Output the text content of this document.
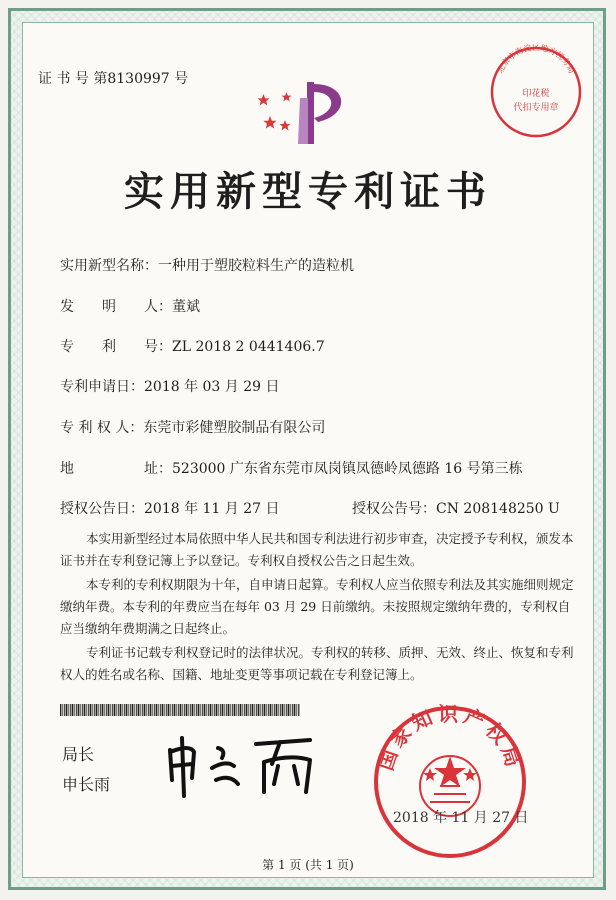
证 书 号 第8130997 号
实用新型专利证书
实用新型名称：一种用于塑胶粒料生产的造粒机
发　　明　　人：董斌
专　　利　　号：ZL 2018 2 0441406.7
专利申请日：2018 年 03 月 29 日
专 利 权 人：东莞市彩健塑胶制品有限公司
地　　　　　址：523000 广东省东莞市凤岗镇凤德岭凤德路 16 号第三栋
授权公告日：2018 年 11 月 27 日	授权公告号：CN 208148250 U
本实用新型经过本局依照中华人民共和国专利法进行初步审查，决定授予专利权，颁发本证书并在专利登记簿上予以登记。专利权自授权公告之日起生效。
本专利的专利权期限为十年，自申请日起算。专利权人应当依照专利法及其实施细则规定缴纳年费。本专利的年费应当在每年 03 月 29 日前缴纳。未按照规定缴纳年费的，专利权自应当缴纳年费期满之日起终止。
专利证书记载专利权登记时的法律状况。专利权的转移、质押、无效、终止、恢复和专利权人的姓名或名称、国籍、地址变更等事项记载在专利登记簿上。
局长
申长雨
国家知识产权局
2018 年 11 月 27 日
北京市海淀区地方税务局
印花税
代扣专用章
第 1 页 (共 1 页)
